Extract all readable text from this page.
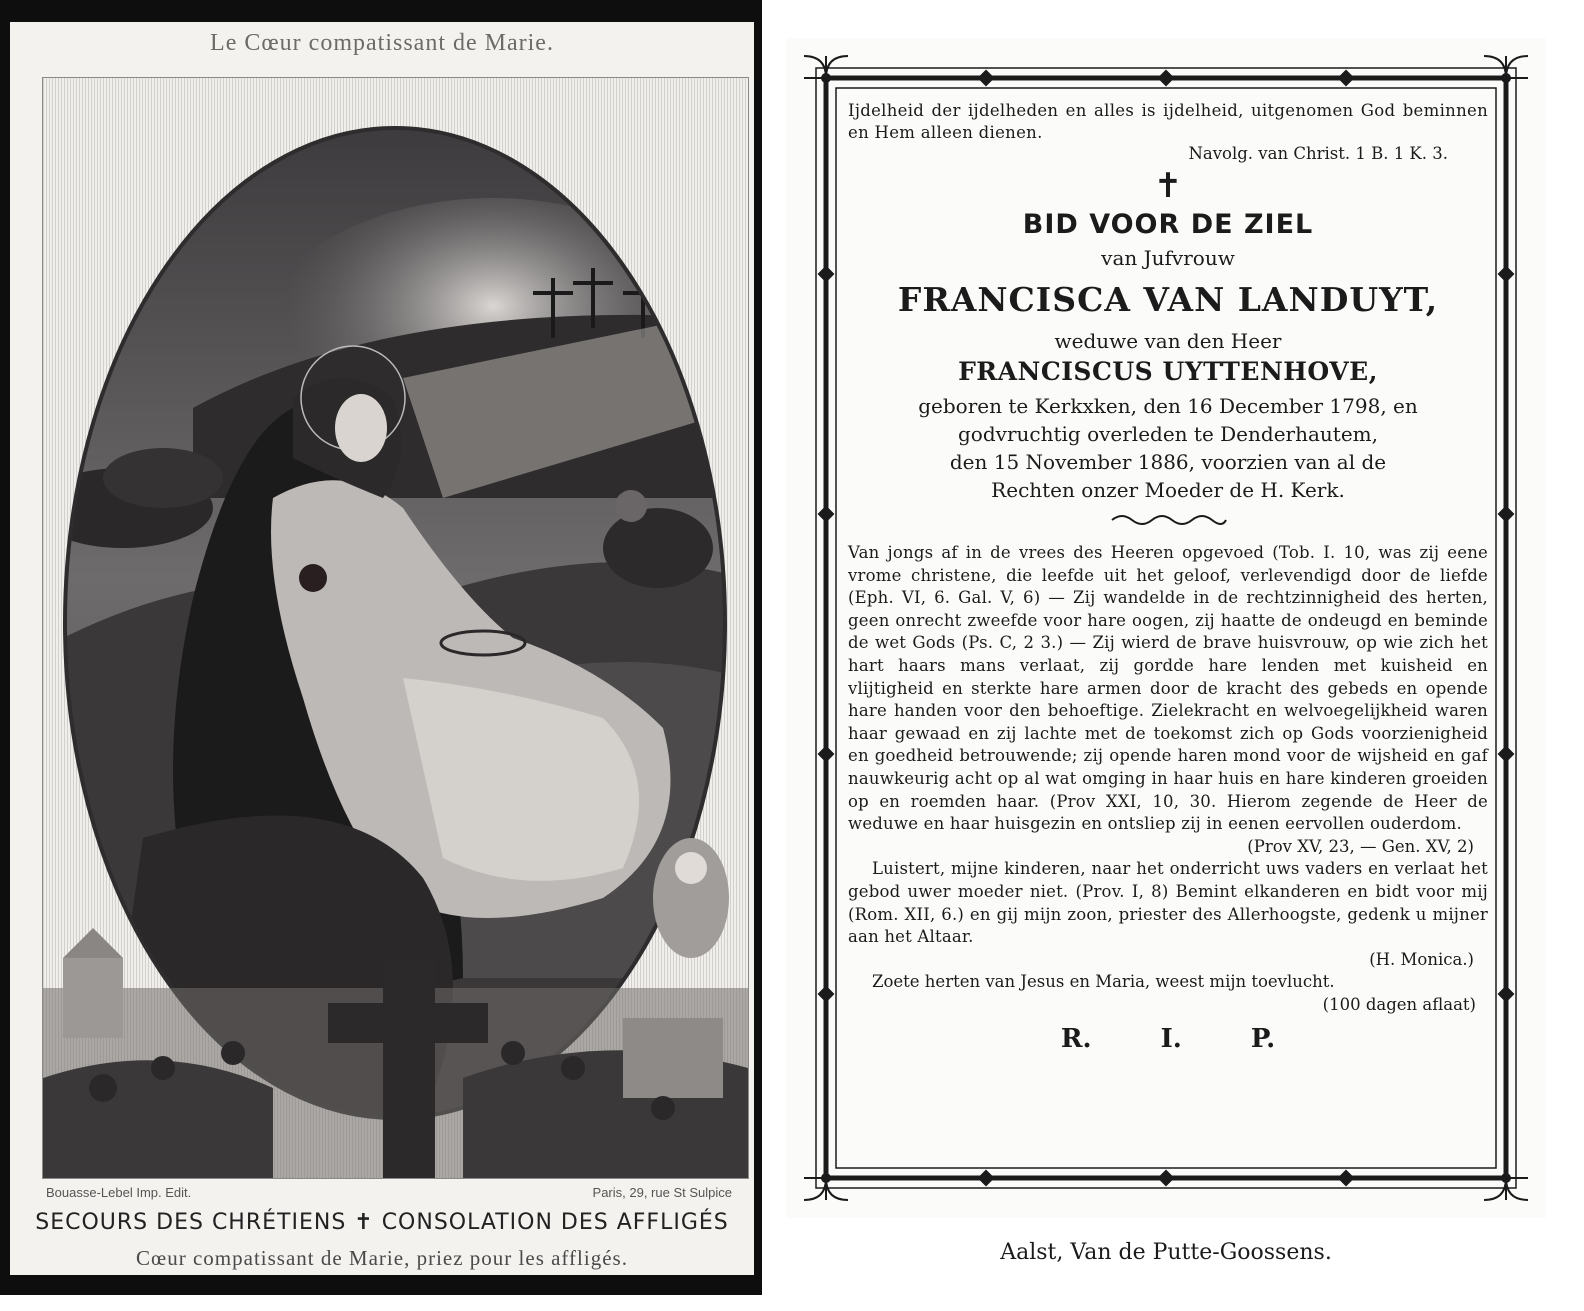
Le Cœur compatissant de Marie.
Bouasse-Lebel Imp. Edit.	Paris, 29, rue St Sulpice
SECOURS DES CHRÉTIENS ✝ CONSOLATION DES AFFLIGÉS
Cœur compatissant de Marie, priez pour les affligés.
Ijdelheid der ijdelheden en alles is ijdelheid, uitgenomen God beminnen en Hem alleen dienen.
Navolg. van Christ. 1 B. 1 K. 3.
✝
BID VOOR DE ZIEL
van Jufvrouw
FRANCISCA VAN LANDUYT,
weduwe van den Heer
FRANCISCUS UYTTENHOVE,
geboren te Kerkxken, den 16 December 1798, en
godvruchtig overleden te Denderhautem,
den 15 November 1886, voorzien van al de
Rechten onzer Moeder de H. Kerk.
Van jongs af in de vrees des Heeren opgevoed (Tob. I. 10, was zij eene vrome christene, die leefde uit het geloof, verlevendigd door de liefde (Eph. VI, 6. Gal. V, 6) — Zij wandelde in de rechtzinnigheid des herten, geen onrecht zweefde voor hare oogen, zij haatte de ondeugd en beminde de wet Gods (Ps. C, 2 3.) — Zij wierd de brave huisvrouw, op wie zich het hart haars mans verlaat, zij gordde hare lenden met kuisheid en vlijtigheid en sterkte hare armen door de kracht des gebeds en opende hare handen voor den behoeftige. Zielekracht en welvoegelijkheid waren haar gewaad en zij lachte met de toekomst zich op Gods voorzienigheid en goedheid betrouwende; zij opende haren mond voor de wijsheid en gaf nauwkeurig acht op al wat omging in haar huis en hare kinderen groeiden op en roemden haar. (Prov XXI, 10, 30. Hierom zegende de Heer de weduwe en haar huisgezin en ontsliep zij in eenen eervollen ouderdom.
(Prov XV, 23, — Gen. XV, 2)
Luistert, mijne kinderen, naar het onderricht uws vaders en verlaat het gebod uwer moeder niet. (Prov. I, 8) Bemint elkanderen en bidt voor mij (Rom. XII, 6.) en gij mijn zoon, priester des Allerhoogste, gedenk u mijner aan het Altaar.
(H. Monica.)
Zoete herten van Jesus en Maria, weest mijn toevlucht.
(100 dagen aflaat)
R. I. P.
Aalst, Van de Putte-Goossens.
